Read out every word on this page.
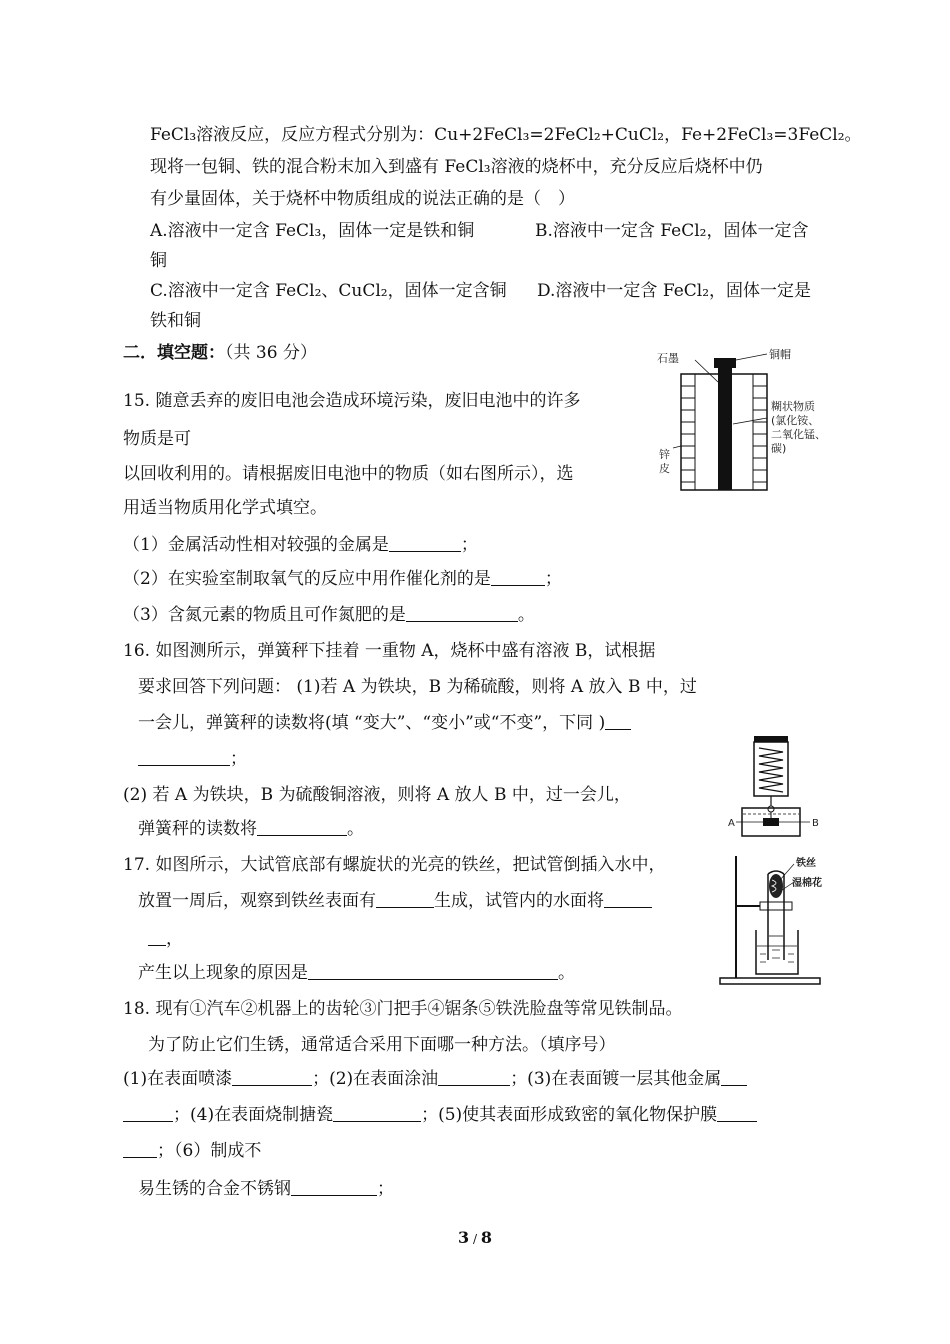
FeCl₃溶液反应，反应方程式分别为：Cu+2FeCl₃=2FeCl₂+CuCl₂，Fe+2FeCl₃=3FeCl₂。
现将一包铜、铁的混合粉末加入到盛有 FeCl₃溶液的烧杯中，充分反应后烧杯中仍
有少量固体，关于烧杯中物质组成的说法正确的是（　）
A.溶液中一定含 FeCl₃，固体一定是铁和铜	B.溶液中一定含 FeCl₂，固体一定含
铜
C.溶液中一定含 FeCl₂、CuCl₂，固体一定含铜 D.溶液中一定含 FeCl₂，固体一定是
铁和铜
二．填空题：（共 36 分）	石墨	铜帽
糊状物质
(氯化铵、
二氧化锰、
碳)
锌
皮
15. 随意丢弃的废旧电池会造成环境污染，废旧电池中的许多
物质是可
以回收利用的。请根据废旧电池中的物质（如右图所示），选
用适当物质用化学式填空。
（1）金属活动性相对较强的金属是	；
（2）在实验室制取氧气的反应中用作催化剂的是	；
（3）含氮元素的物质且可作氮肥的是	。
16. 如图测所示，弹簧秤下挂着 一重物 A，烧杯中盛有溶液 B，试根据
要求回答下列问题： (1)若 A 为铁块，B 为稀硫酸，则将 A 放入 B 中，过
一会儿，弹簧秤的读数将(填 “变大”、“变小”或“不变”，下同 )
；
(2) 若 A 为铁块，B 为硫酸铜溶液，则将 A 放人 B 中，过一会儿，
弹簧秤的读数将	。	A	B
17. 如图所示，大试管底部有螺旋状的光亮的铁丝，把试管倒插入水中，
放置一周后，观察到铁丝表面有	生成，试管内的水面将
，
产生以上现象的原因是	。
铁丝
湿棉花
18. 现有①汽车②机器上的齿轮③门把手④锯条⑤铁洗脸盘等常见铁制品。
为了防止它们生锈，通常适合采用下面哪一种方法。（填序号）
(1)在表面喷漆	；(2)在表面涂油	；(3)在表面镀一层其他金属
；(4)在表面烧制搪瓷	；(5)使其表面形成致密的氧化物保护膜
；（6）制成不
易生锈的合金不锈钢	；
3 / 8
